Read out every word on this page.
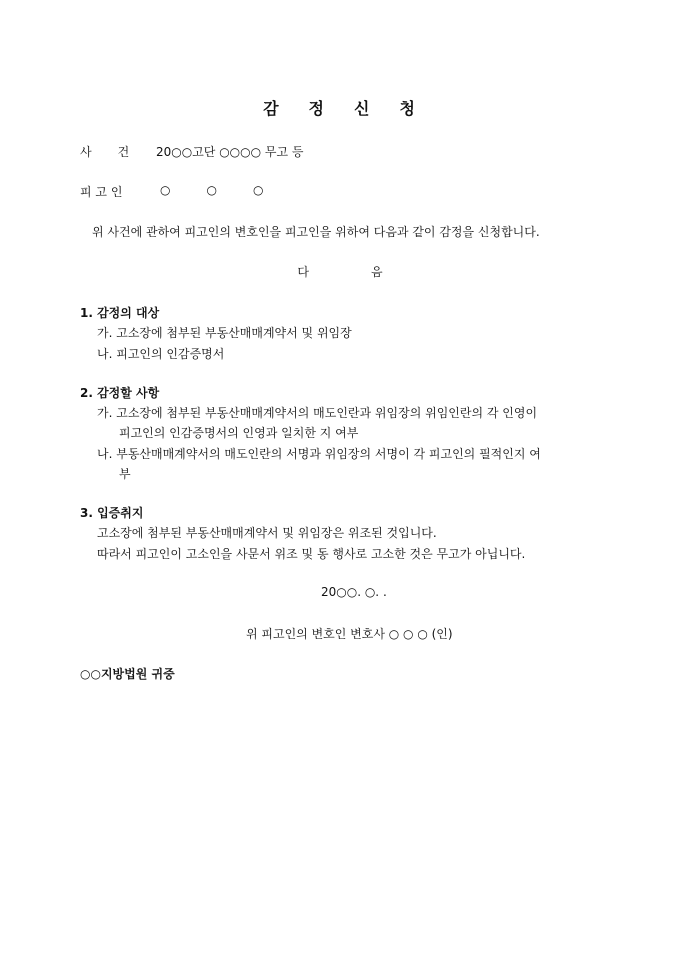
감 정 신 청
사 건 20○○고단 ○○○○ 무고 등
피 고 인	○	○	○
위 사건에 관하여 피고인의 변호인을 피고인을 위하여 다음과 같이 감정을 신청합니다.
다	음
1. 감정의 대상
가. 고소장에 첨부된 부동산매매계약서 및 위임장
나. 피고인의 인감증명서
2. 감정할 사항
가. 고소장에 첨부된 부동산매매계약서의 매도인란과 위임장의 위임인란의 각 인영이
피고인의 인감증명서의 인영과 일치한 지 여부
나. 부동산매매계약서의 매도인란의 서명과 위임장의 서명이 각 피고인의 필적인지 여
부
3. 입증취지
고소장에 첨부된 부동산매매계약서 및 위임장은 위조된 것입니다.
따라서 피고인이 고소인을 사문서 위조 및 동 행사로 고소한 것은 무고가 아닙니다.
20○○. ○. .
위 피고인의 변호인 변호사 ○ ○ ○ (인)
○○지방법원 귀중
